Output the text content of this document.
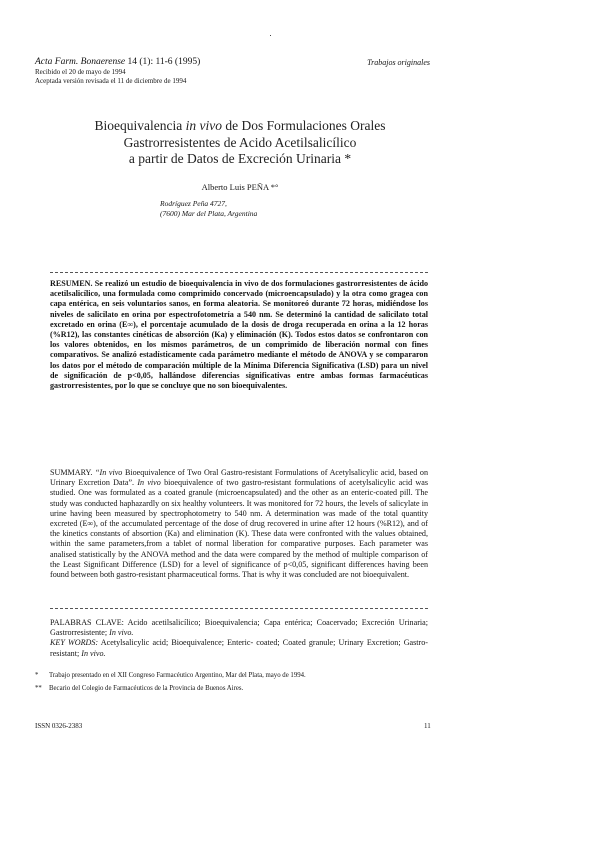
Acta Farm. Bonaerense 14 (1): 11-6 (1995)	Trabajos originales
Recibido el 20 de mayo de 1994
Aceptada versión revisada el 11 de diciembre de 1994
Bioequivalencia in vivo de Dos Formulaciones Orales
Gastrorresistentes de Acido Acetilsalicílico
a partir de Datos de Excreción Urinaria *
Alberto Luis PEÑA *°
Rodríguez Peña 4727,
(7600) Mar del Plata, Argentina
RESUMEN. Se realizó un estudio de bioequivalencia in vivo de dos formulaciones gastrorresistentes de ácido acetilsalicílico, una formulada como comprimido concervado (microencapsulado) y la otra como gragea con capa entérica, en seis voluntarios sanos, en forma aleatoria. Se monitoreó durante 72 horas, midiéndose los niveles de salicilato en orina por espectrofotometría a 540 nm. Se determinó la cantidad de salicilato total excretado en orina (E∞), el porcentaje acumulado de la dosis de droga recuperada en orina a la 12 horas (%R12), las constantes cinéticas de absorción (Ka) y eliminación (K). Todos estos datos se confrontaron con los valores obtenidos, en los mismos parámetros, de un comprimido de liberación normal con fines comparativos. Se analizó estadísticamente cada parámetro mediante el método de ANOVA y se compararon los datos por el método de comparación múltiple de la Mínima Diferencia Significativa (LSD) para un nivel de significación de p<0,05, hallándose diferencias significativas entre ambas formas farmacéuticas gastrorresistentes, por lo que se concluye que no son bioequivalentes.
SUMMARY. “In vivo Bioequivalence of Two Oral Gastro-resistant Formulations of Acetylsalicylic acid, based on Urinary Excretion Data”. In vivo bioequivalence of two gastro-resistant formulations of acetylsalicylic acid was studied. One was formulated as a coated granule (microencapsulated) and the other as an enteric-coated pill. The study was conducted haphazardly on six healthy volunteers. It was monitored for 72 hours, the levels of salicylate in urine having been measured by spectrophotometry to 540 nm. A determination was made of the total quantity excreted (E∞), of the accumulated percentage of the dose of drug recovered in urine after 12 hours (%R12), and of the kinetics constants of absortion (Ka) and elimination (K). These data were confronted with the values obtained, within the same parameters,from a tablet of normal liberation for comparative purposes. Each parameter was analised statistically by the ANOVA method and the data were compared by the method of multiple comparison of the Least Significant Difference (LSD) for a level of significance of p<0,05, significant differences having been found between both gastro-resistant pharmaceutical forms. That is why it was concluded are not bioequivalent.

PALABRAS CLAVE: Acido acetilsalicílico; Bioequivalencia; Capa entérica; Coacervado; Excreción Urinaria; Gastrorresistente; In vivo.

KEY WORDS: Acetylsalicylic acid; Bioequivalence; Enteric- coated; Coated granule; Urinary Excretion; Gastro-resistant; In vivo.

* Trabajo presentado en el XII Congreso Farmacéutico Argentino, Mar del Plata, mayo de 1994.
** Becario del Colegio de Farmacéuticos de la Provincia de Buenos Aires.
ISSN 0326-2383	11
